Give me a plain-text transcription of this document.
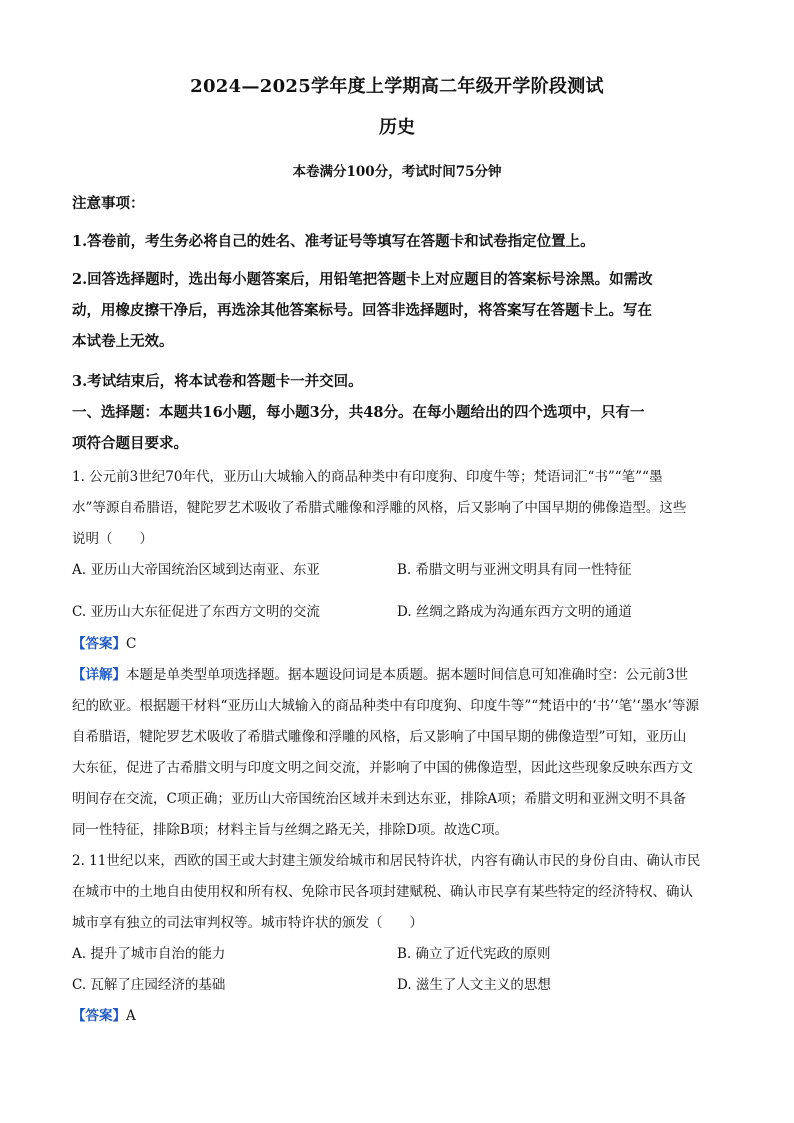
2024—2025学年度上学期高二年级开学阶段测试
历史
本卷满分100分，考试时间75分钟
注意事项：
1.答卷前，考生务必将自己的姓名、准考证号等填写在答题卡和试卷指定位置上。
2.回答选择题时，选出每小题答案后，用铅笔把答题卡上对应题目的答案标号涂黑。如需改
动，用橡皮擦干净后，再选涂其他答案标号。回答非选择题时，将答案写在答题卡上。写在
本试卷上无效。
3.考试结束后，将本试卷和答题卡一并交回。
一、选择题：本题共16小题，每小题3分，共48分。在每小题给出的四个选项中，只有一
项符合题目要求。
1. 公元前3世纪70年代，亚历山大城输入的商品种类中有印度狗、印度牛等；梵语词汇“书”“笔”“墨
水”等源自希腊语，犍陀罗艺术吸收了希腊式雕像和浮雕的风格，后又影响了中国早期的佛像造型。这些
说明（　　）
A. 亚历山大帝国统治区域到达南亚、东亚	B. 希腊文明与亚洲文明具有同一性特征
C. 亚历山大东征促进了东西方文明的交流	D. 丝绸之路成为沟通东西方文明的通道
【答案】C
【详解】本题是单类型单项选择题。据本题设问词是本质题。据本题时间信息可知准确时空：公元前3世
纪的欧亚。根据题干材料“亚历山大城输入的商品种类中有印度狗、印度牛等”“梵语中的‘书’‘笔’‘墨水’等源
自希腊语，犍陀罗艺术吸收了希腊式雕像和浮雕的风格，后又影响了中国早期的佛像造型”可知，亚历山
大东征，促进了古希腊文明与印度文明之间交流，并影响了中国的佛像造型，因此这些现象反映东西方文
明间存在交流，C项正确；亚历山大帝国统治区域并未到达东亚，排除A项；希腊文明和亚洲文明不具备
同一性特征，排除B项；材料主旨与丝绸之路无关，排除D项。故选C项。
2. 11世纪以来，西欧的国王或大封建主颁发给城市和居民特许状，内容有确认市民的身份自由、确认市民
在城市中的土地自由使用权和所有权、免除市民各项封建赋税、确认市民享有某些特定的经济特权、确认
城市享有独立的司法审判权等。城市特许状的颁发（　　）
A. 提升了城市自治的能力	B. 确立了近代宪政的原则
C. 瓦解了庄园经济的基础	D. 滋生了人文主义的思想
【答案】A
